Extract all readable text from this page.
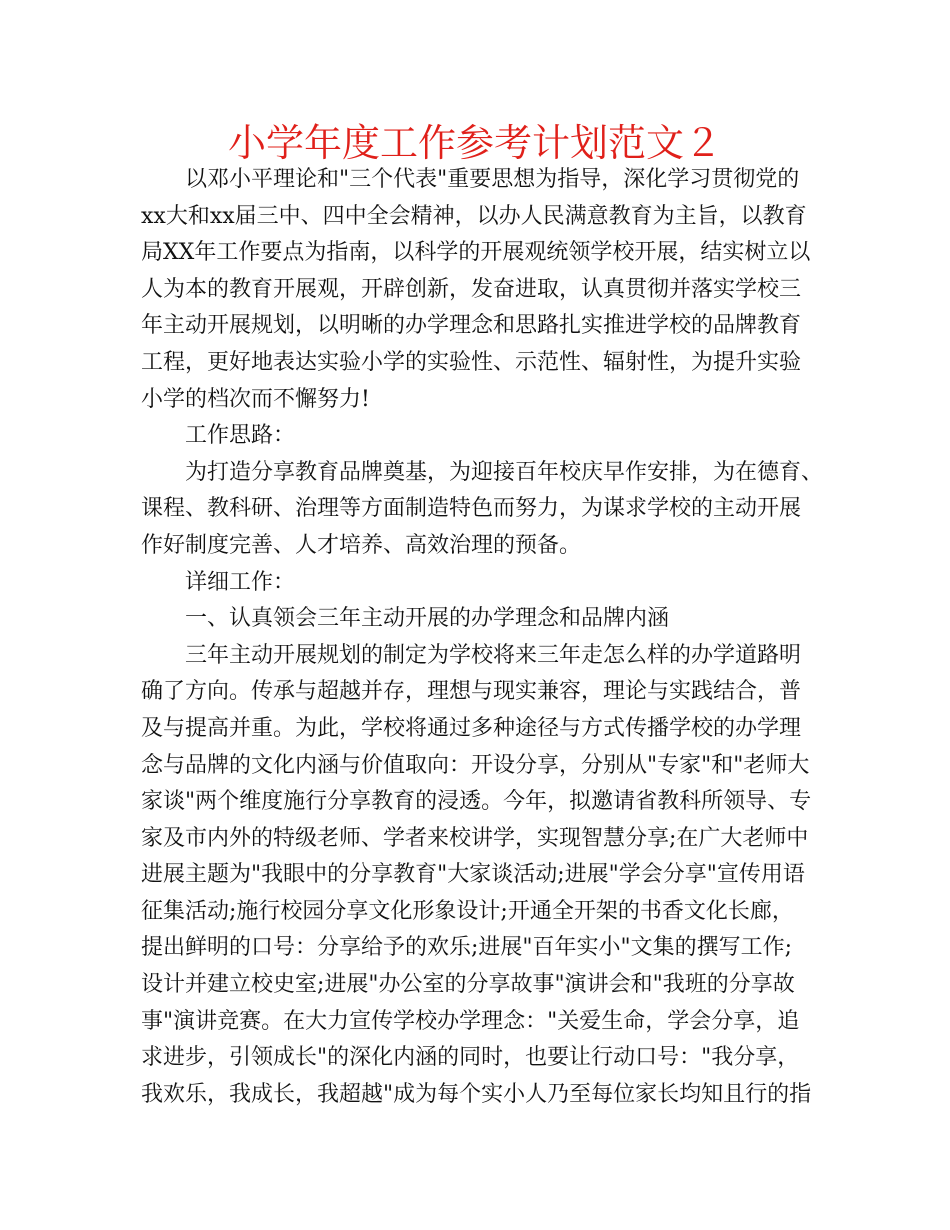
小学年度工作参考计划范文２
以邓小平理论和"三个代表"重要思想为指导，深化学习贯彻党的
xx大和xx届三中、四中全会精神，以办人民满意教育为主旨，以教育
局XX年工作要点为指南，以科学的开展观统领学校开展，结实树立以
人为本的教育开展观，开辟创新，发奋进取，认真贯彻并落实学校三
年主动开展规划，以明晰的办学理念和思路扎实推进学校的品牌教育
工程，更好地表达实验小学的实验性、示范性、辐射性，为提升实验
小学的档次而不懈努力!
工作思路：
为打造分享教育品牌奠基，为迎接百年校庆早作安排，为在德育、
课程、教科研、治理等方面制造特色而努力，为谋求学校的主动开展
作好制度完善、人才培养、高效治理的预备。
详细工作：
一、认真领会三年主动开展的办学理念和品牌内涵
三年主动开展规划的制定为学校将来三年走怎么样的办学道路明
确了方向。传承与超越并存，理想与现实兼容，理论与实践结合，普
及与提高并重。为此，学校将通过多种途径与方式传播学校的办学理
念与品牌的文化内涵与价值取向：开设分享，分别从"专家"和"老师大
家谈"两个维度施行分享教育的浸透。今年，拟邀请省教科所领导、专
家及市内外的特级老师、学者来校讲学，实现智慧分享;在广大老师中
进展主题为"我眼中的分享教育"大家谈活动;进展"学会分享"宣传用语
征集活动;施行校园分享文化形象设计;开通全开架的书香文化长廊，
提出鲜明的口号：分享给予的欢乐;进展"百年实小"文集的撰写工作;
设计并建立校史室;进展"办公室的分享故事"演讲会和"我班的分享故
事"演讲竞赛。在大力宣传学校办学理念："关爱生命，学会分享，追
求进步，引领成长"的深化内涵的同时，也要让行动口号："我分享，
我欢乐，我成长，我超越"成为每个实小人乃至每位家长均知且行的指
